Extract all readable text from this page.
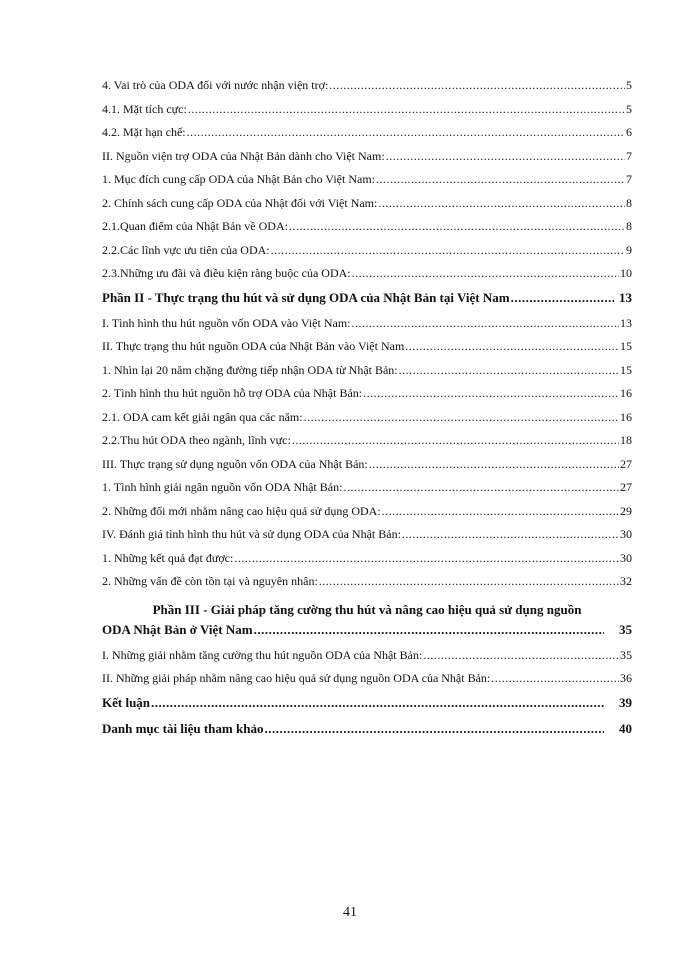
4. Vai trò của ODA đối với nước nhận viện trợ: .....	5
4.1. Mặt tích cực: .....	5
4.2. Mặt hạn chế: .....	6
II. Nguồn viện trợ ODA của Nhật Bản dành cho Việt Nam: .....	7
1. Mục đích cung cấp ODA của Nhật Bản cho Việt Nam: .....	7
2. Chính sách cung cấp ODA của Nhật đối với Việt Nam: .....	8
2.1.Quan điểm của Nhật Bản về ODA: .....	8
2.2.Các lĩnh vực ưu tiên của ODA: .....	9
2.3.Những ưu đãi và điều kiện ràng buộc của ODA: .....	10
Phần II - Thực trạng thu hút và sử dụng ODA của Nhật Bản tại Việt Nam .....	13
I. Tình hình thu hút nguồn vốn ODA vào Việt Nam: .....	13
II. Thực trạng thu hút nguồn ODA của Nhật Bản vào Việt Nam .....	15
1. Nhìn lại 20 năm chặng đường tiếp nhận ODA từ Nhật Bản: .....	15
2. Tình hình thu hút nguồn hỗ trợ ODA của Nhật Bản: .....	16
2.1. ODA cam kết giải ngân qua các năm: .....	16
2.2.Thu hút ODA theo ngành, lĩnh vực: .....	18
III. Thực trạng sử dụng nguồn vốn ODA của Nhật Bản: .....	27
1. Tình hình giải ngân nguồn vốn ODA Nhật Bản: .....	27
2. Những đổi mới nhằm nâng cao hiệu quả sử dụng ODA: .....	29
IV. Đánh giá tình hình thu hút và sử dụng ODA của Nhật Bản: .....	30
1. Những kết quả đạt được: .....	30
2. Những vấn đề còn tồn tại và nguyên nhân: .....	32
Phần III - Giải pháp tăng cường thu hút và nâng cao hiệu quả sử dụng nguồn
ODA Nhật Bản ở Việt Nam .....	35
I. Những giải nhằm tăng cường thu hút nguồn ODA của Nhật Bản: .....	35
II. Những giải pháp nhằm nâng cao hiệu quả sử dụng nguồn ODA của Nhật Bản: .....	36
Kết luận .....	39
Danh mục tài liệu tham khảo .....	40
41
